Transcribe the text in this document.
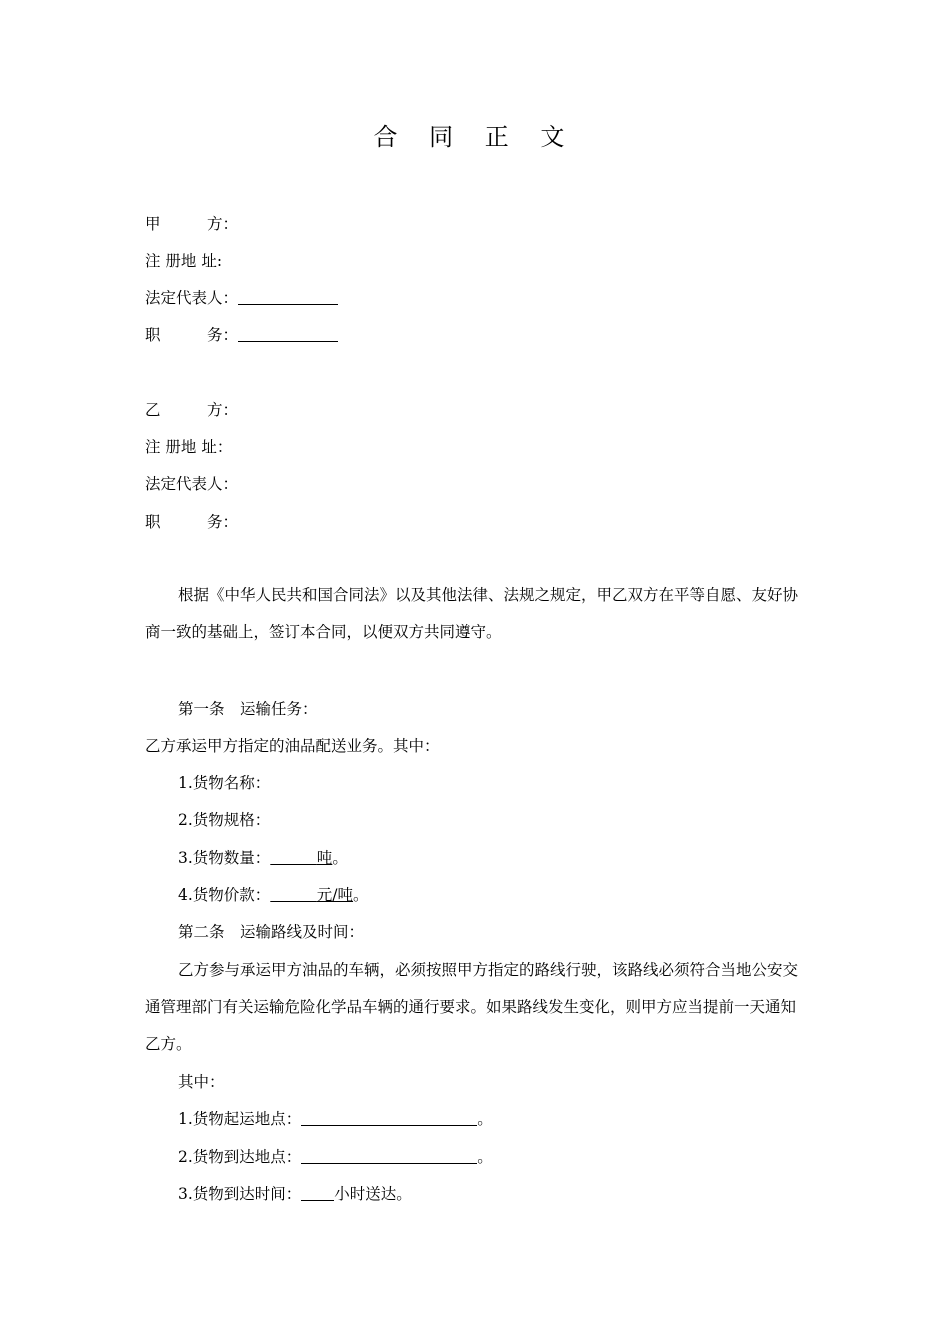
合 同 正 文
甲　　　方：
注 册地 址:
法定代表人：
职　　　务：
乙　　　方：
注 册地 址：
法定代表人：
职　　　务：
根据《中华人民共和国合同法》以及其他法律、法规之规定，甲乙双方在平等自愿、友好协商一致的基础上，签订本合同，以便双方共同遵守。
第一条　运输任务：
乙方承运甲方指定的油品配送业务。其中：
1.货物名称：
2.货物规格：
3.货物数量：   	吨。
4.货物价款：   	元/吨。
第二条　运输路线及时间：
乙方参与承运甲方油品的车辆，必须按照甲方指定的路线行驶，该路线必须符合当地公安交通管理部门有关运输危险化学品车辆的通行要求。如果路线发生变化，则甲方应当提前一天通知乙方。
其中：
1.货物起运地点：	。
2.货物到达地点：	。
3.货物到达时间： 小时送达。
